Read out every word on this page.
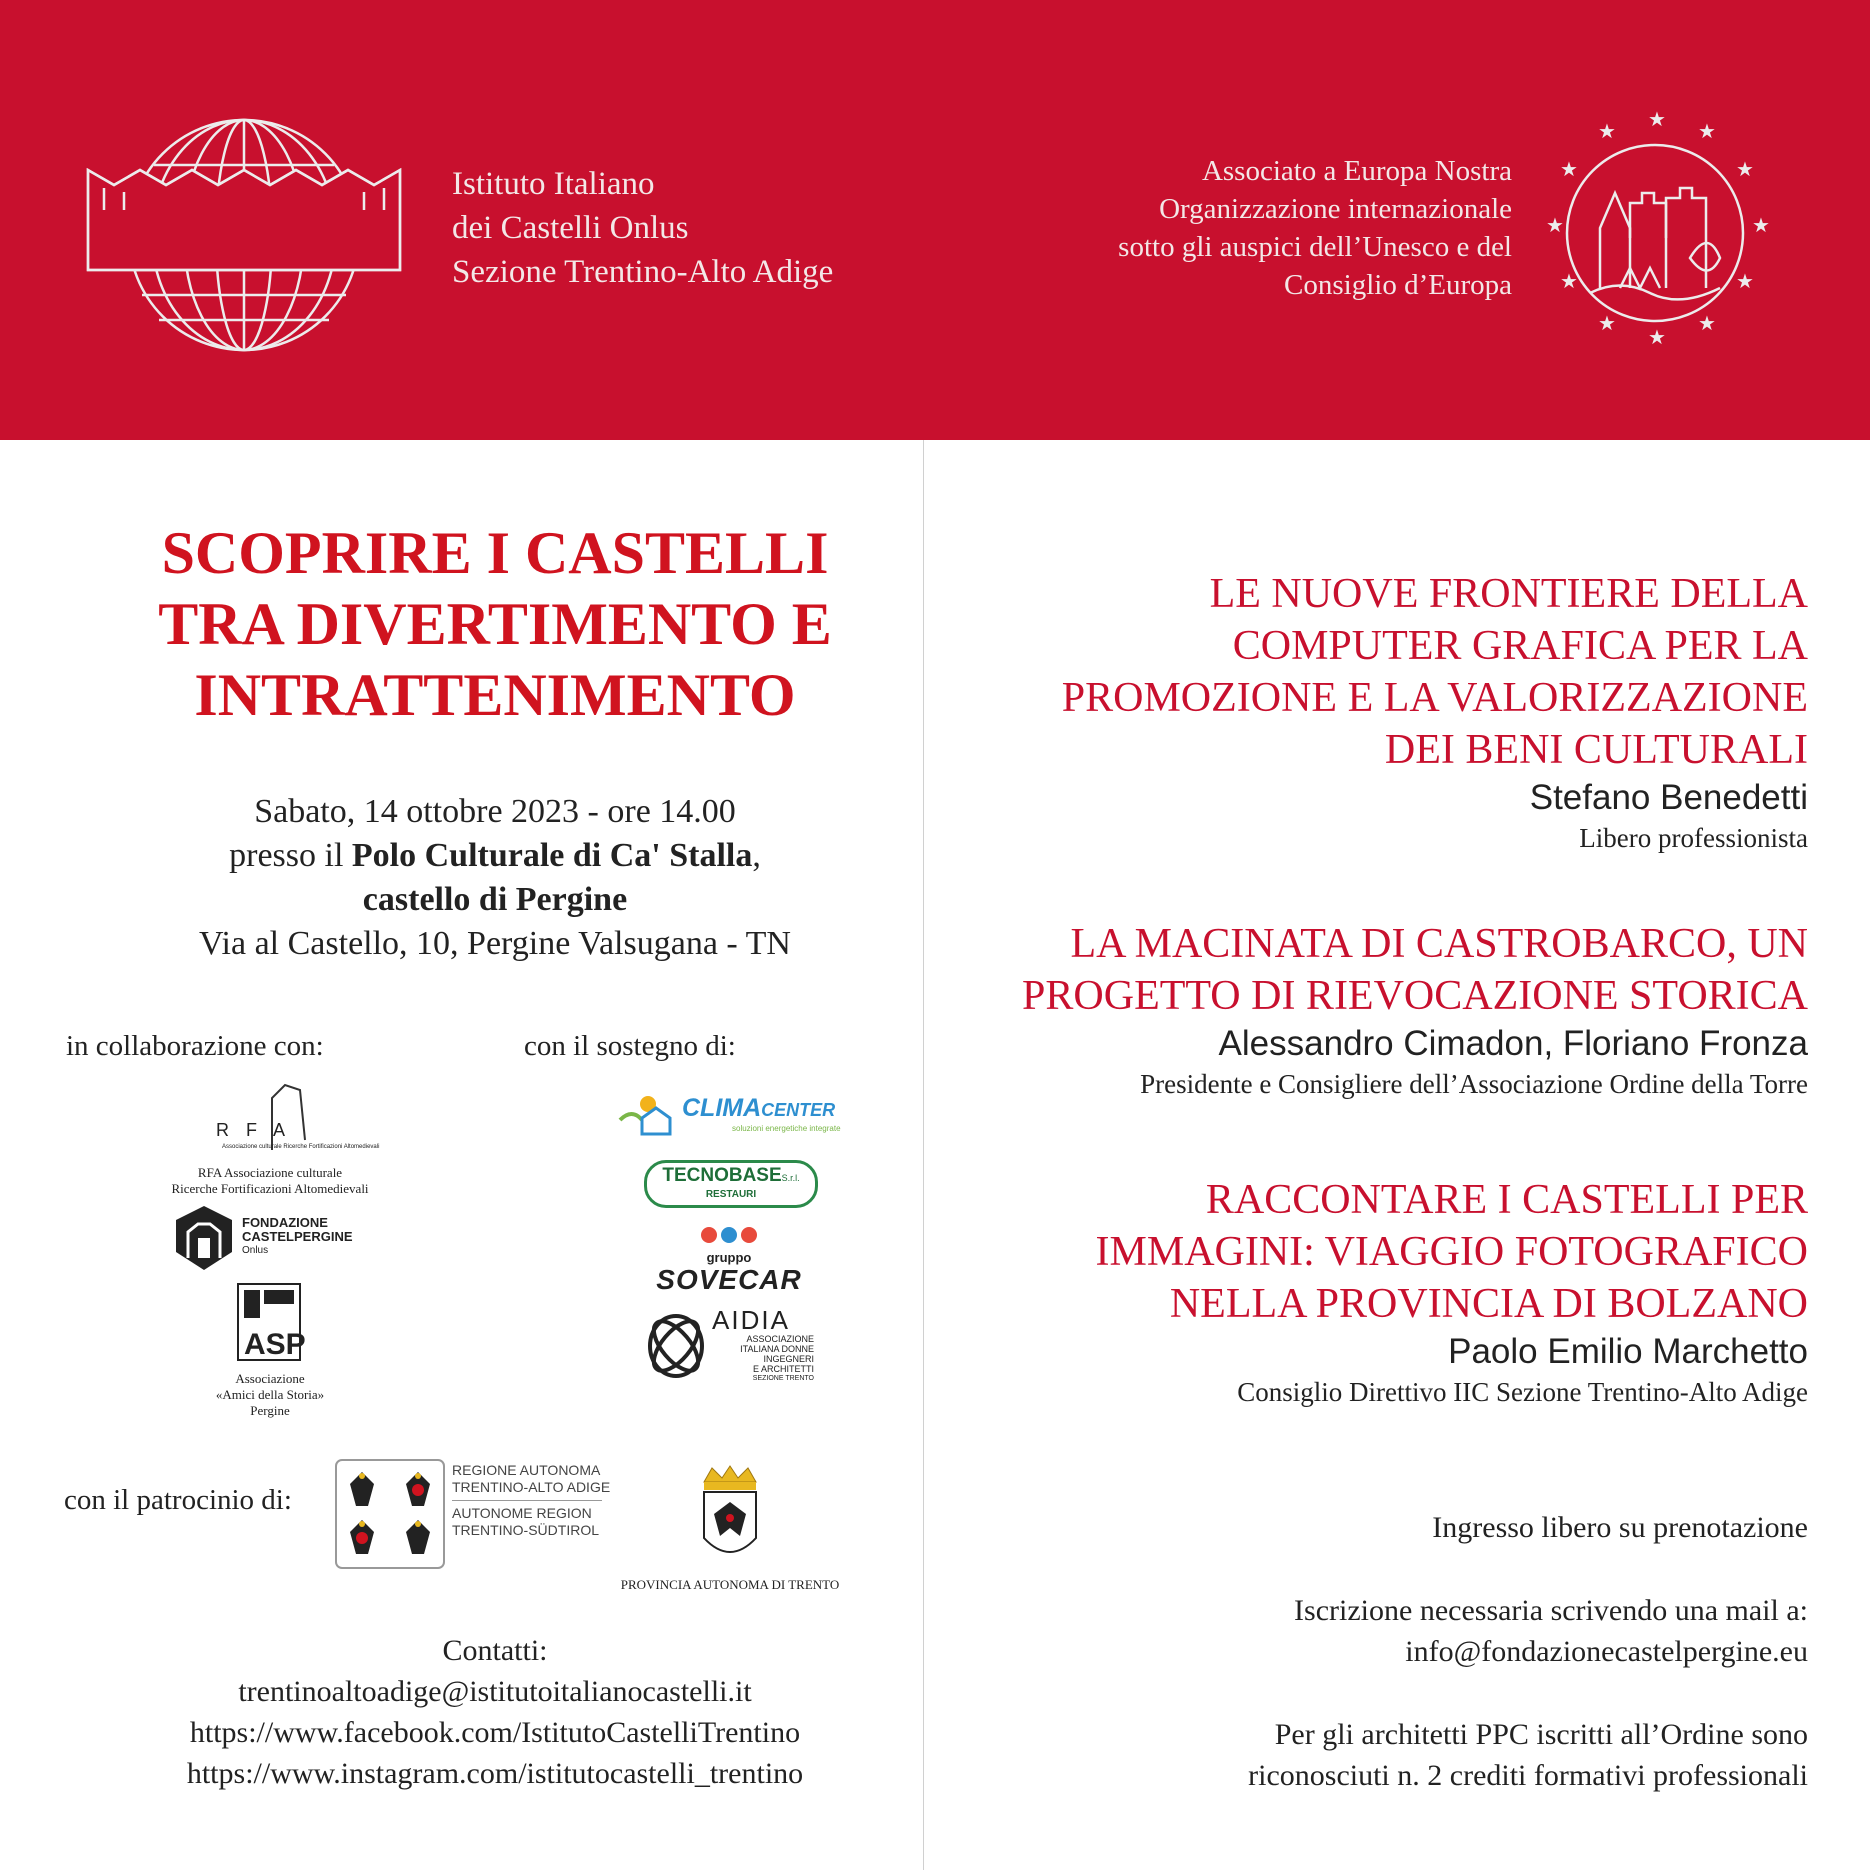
Istituto Italiano
dei Castelli Onlus
Sezione Trentino-Alto Adige
Associato a Europa Nostra
Organizzazione internazionale
sotto gli auspici dell’Unesco e del
Consiglio d’Europa
★
★	★
★	★
★	★
★	★
★	★
★
SCOPRIRE I CASTELLI
TRA DIVERTIMENTO E
INTRATTENIMENTO
Sabato, 14 ottobre 2023 - ore 14.00
presso il Polo Culturale di Ca' Stalla,
castello di Pergine
Via al Castello, 10, Pergine Valsugana - TN
in collaborazione con:	con il sostegno di:
R F A
Associazione culturale Ricerche Fortificazioni Altomedievali
RFA Associazione culturale
Ricerche Fortificazioni Altomedievali
FONDAZIONE
CASTELPERGINE
Onlus
ASP
Associazione
«Amici della Storia»
Pergine
CLIMACENTER
soluzioni energetiche integrate
TECNOBASES.r.l.
RESTAURI
gruppo
SOVECAR
AIDIA
ASSOCIAZIONE
ITALIANA DONNE
INGEGNERI
E ARCHITETTI
SEZIONE TRENTO
con il patrocinio di:
REGIONE AUTONOMA
TRENTINO-ALTO ADIGE
AUTONOME REGION
TRENTINO-SÜDTIROL
PROVINCIA AUTONOMA DI TRENTO
Contatti:
trentinoaltoadige@istitutoitalianocastelli.it
https://www.facebook.com/IstitutoCastelliTrentino
https://www.instagram.com/istitutocastelli_trentino
LE NUOVE FRONTIERE DELLA
COMPUTER GRAFICA PER LA
PROMOZIONE E LA VALORIZZAZIONE
DEI BENI CULTURALI
Stefano Benedetti
Libero professionista
LA MACINATA DI CASTROBARCO, UN
PROGETTO DI RIEVOCAZIONE STORICA
Alessandro Cimadon, Floriano Fronza
Presidente e Consigliere dell’Associazione Ordine della Torre
RACCONTARE I CASTELLI PER
IMMAGINI: VIAGGIO FOTOGRAFICO
NELLA PROVINCIA DI BOLZANO
Paolo Emilio Marchetto
Consiglio Direttivo IIC Sezione Trentino-Alto Adige
Ingresso libero su prenotazione
Iscrizione necessaria scrivendo una mail a:
info@fondazionecastelpergine.eu
Per gli architetti PPC iscritti all’Ordine sono
riconosciuti n. 2 crediti formativi professionali
